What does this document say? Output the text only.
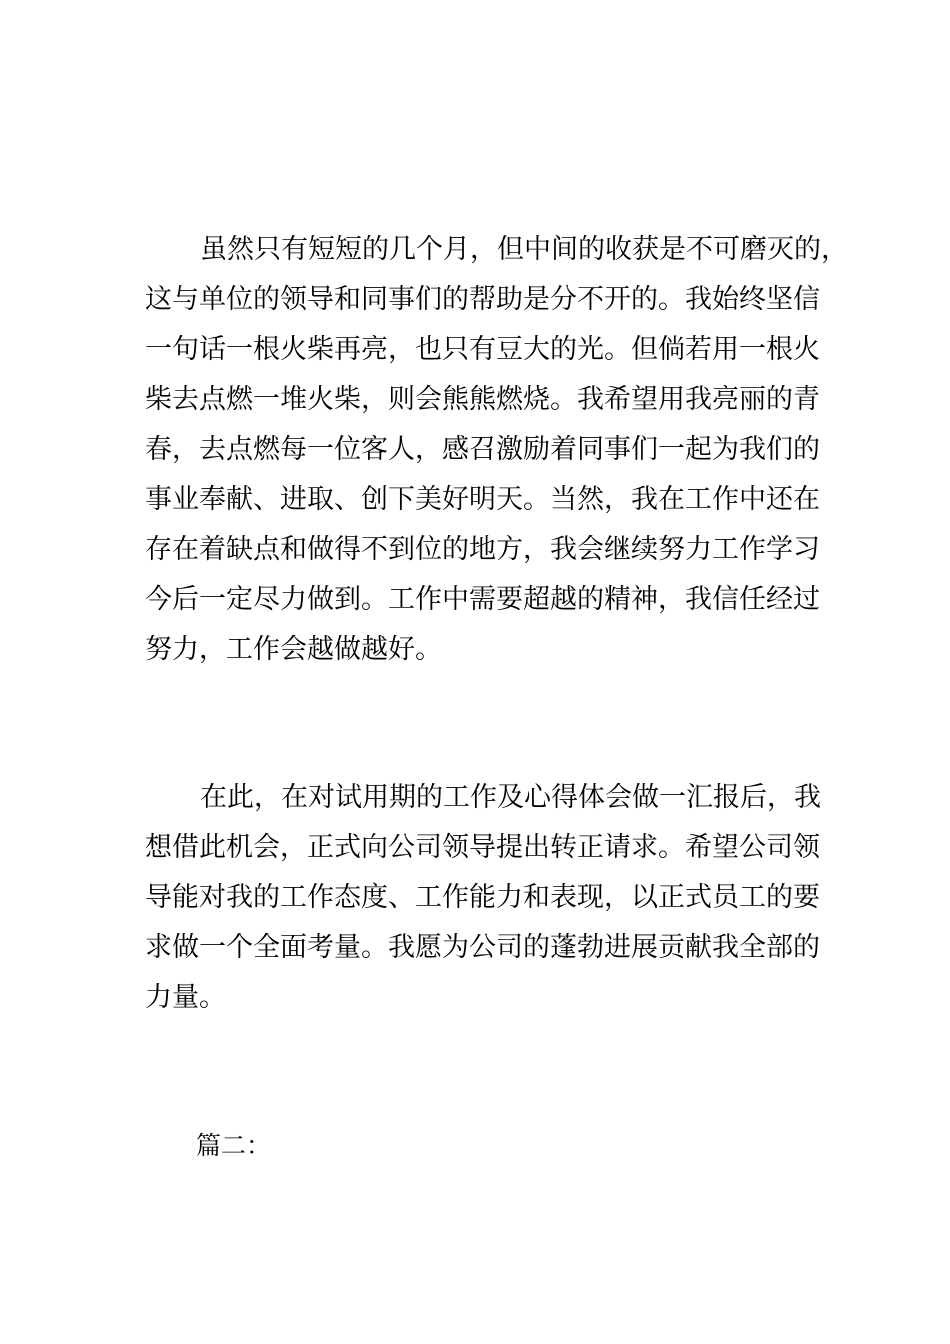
虽然只有短短的几个月，但中间的收获是不可磨灭的，
这与单位的领导和同事们的帮助是分不开的。我始终坚信
一句话一根火柴再亮，也只有豆大的光。但倘若用一根火
柴去点燃一堆火柴，则会熊熊燃烧。我希望用我亮丽的青
春，去点燃每一位客人，感召激励着同事们一起为我们的
事业奉献、进取、创下美好明天。当然，我在工作中还在
存在着缺点和做得不到位的地方，我会继续努力工作学习
今后一定尽力做到。工作中需要超越的精神，我信任经过
努力，工作会越做越好。
在此，在对试用期的工作及心得体会做一汇报后，我
想借此机会，正式向公司领导提出转正请求。希望公司领
导能对我的工作态度、工作能力和表现，以正式员工的要
求做一个全面考量。我愿为公司的蓬勃进展贡献我全部的
力量。
篇二：
